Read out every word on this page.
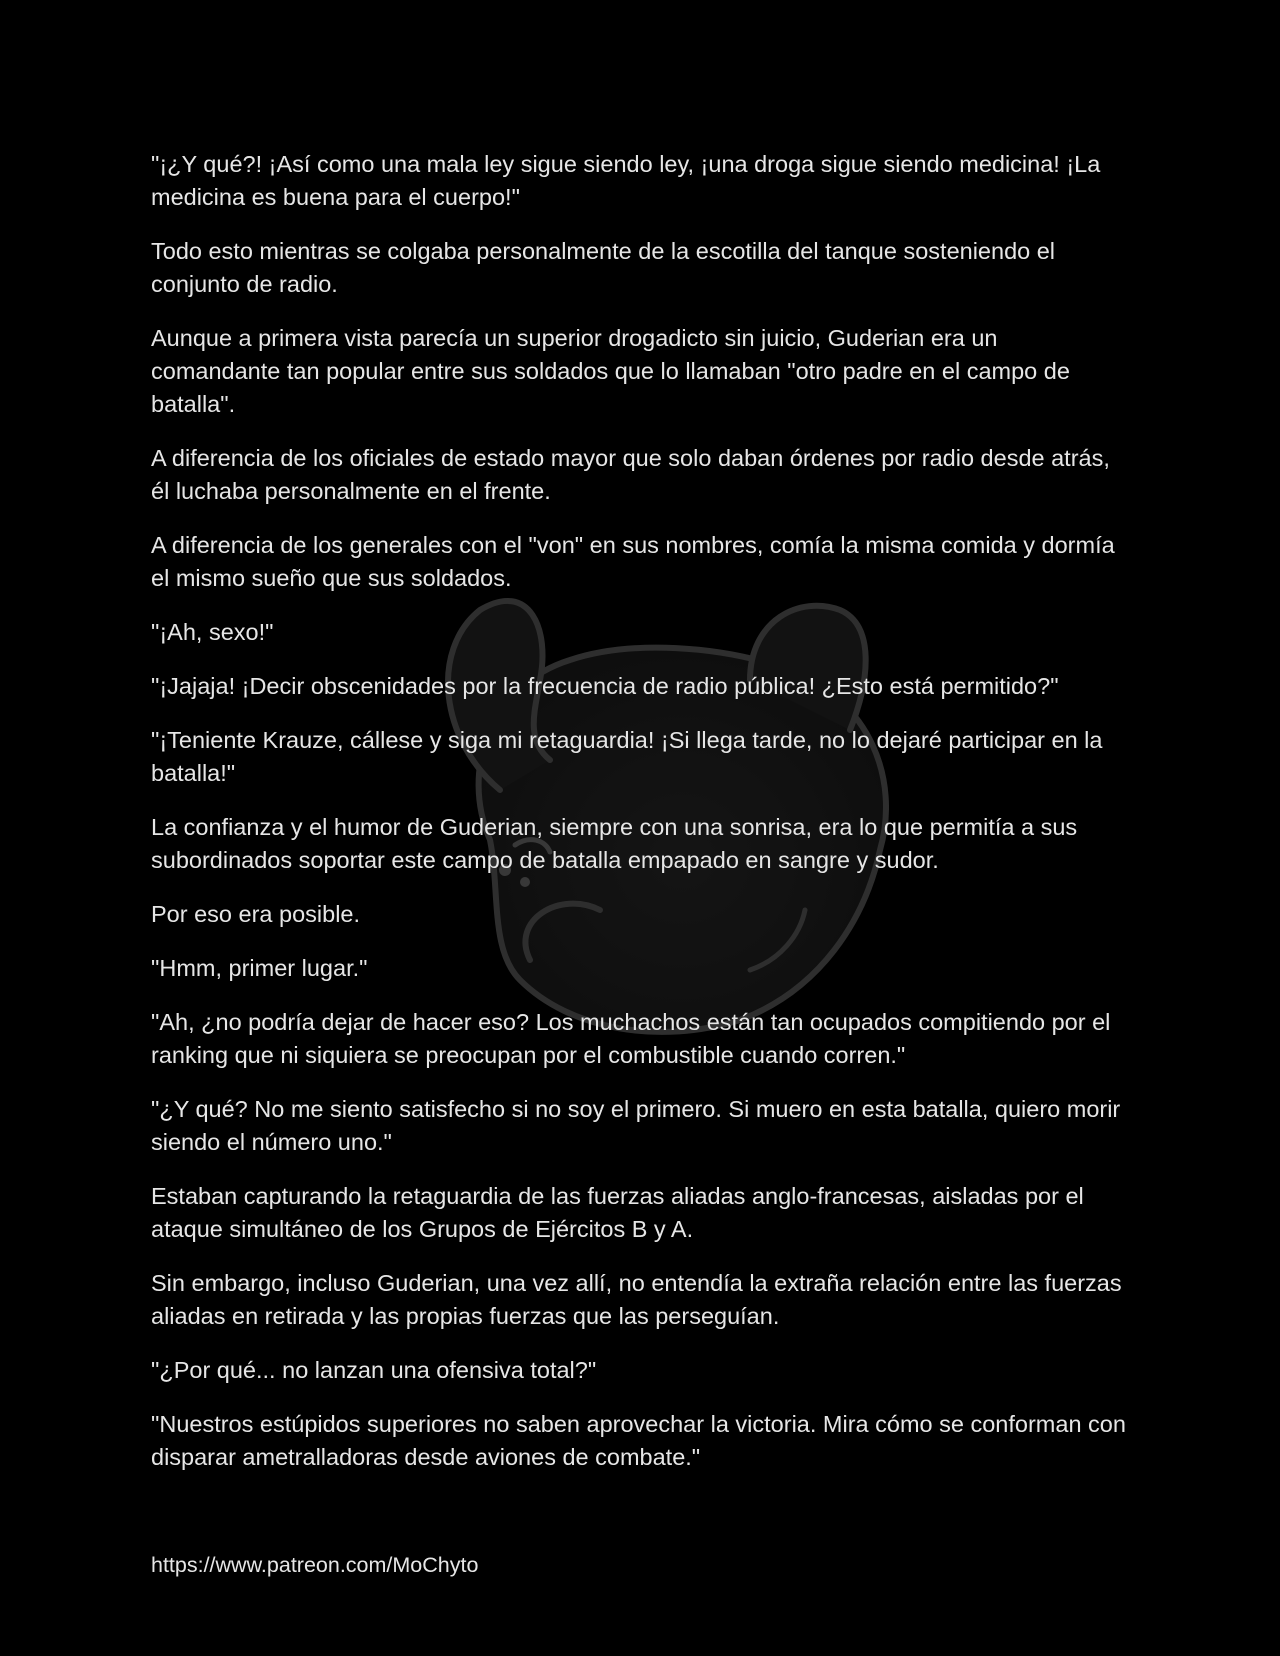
"¡¿Y qué?! ¡Así como una mala ley sigue siendo ley, ¡una droga sigue siendo medicina! ¡La medicina es buena para el cuerpo!"

Todo esto mientras se colgaba personalmente de la escotilla del tanque sosteniendo el conjunto de radio.

Aunque a primera vista parecía un superior drogadicto sin juicio, Guderian era un comandante tan popular entre sus soldados que lo llamaban "otro padre en el campo de batalla".

A diferencia de los oficiales de estado mayor que solo daban órdenes por radio desde atrás, él luchaba personalmente en el frente.

A diferencia de los generales con el "von" en sus nombres, comía la misma comida y dormía el mismo sueño que sus soldados.

"¡Ah, sexo!"

"¡Jajaja! ¡Decir obscenidades por la frecuencia de radio pública! ¿Esto está permitido?"

"¡Teniente Krauze, cállese y siga mi retaguardia! ¡Si llega tarde, no lo dejaré participar en la batalla!"

La confianza y el humor de Guderian, siempre con una sonrisa, era lo que permitía a sus subordinados soportar este campo de batalla empapado en sangre y sudor.

Por eso era posible.

"Hmm, primer lugar."

"Ah, ¿no podría dejar de hacer eso? Los muchachos están tan ocupados compitiendo por el ranking que ni siquiera se preocupan por el combustible cuando corren."

"¿Y qué? No me siento satisfecho si no soy el primero. Si muero en esta batalla, quiero morir siendo el número uno."

Estaban capturando la retaguardia de las fuerzas aliadas anglo-francesas, aisladas por el ataque simultáneo de los Grupos de Ejércitos B y A.

Sin embargo, incluso Guderian, una vez allí, no entendía la extraña relación entre las fuerzas aliadas en retirada y las propias fuerzas que las perseguían.

"¿Por qué... no lanzan una ofensiva total?"

"Nuestros estúpidos superiores no saben aprovechar la victoria. Mira cómo se conforman con disparar ametralladoras desde aviones de combate."

https://www.patreon.com/MoChyto
